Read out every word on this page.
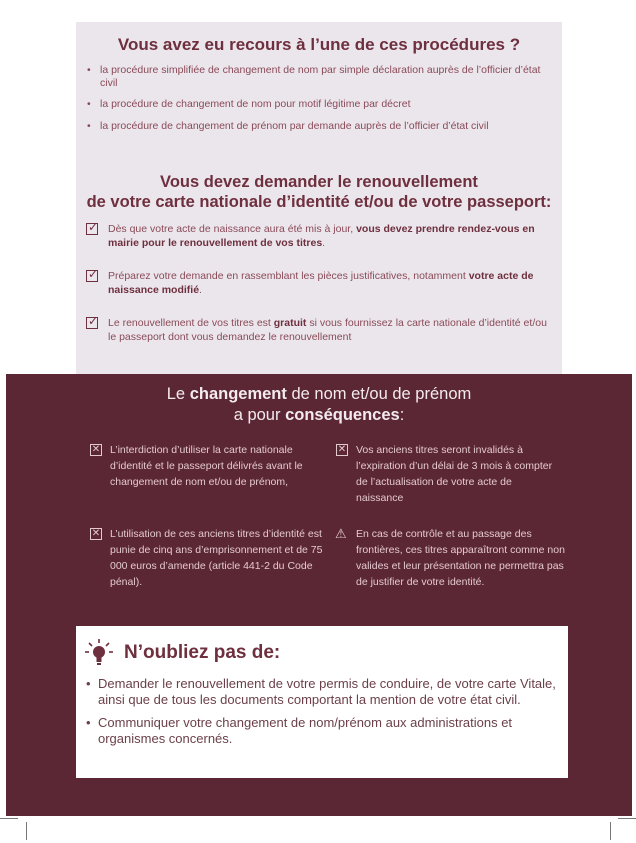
Vous avez eu recours à l’une de ces procédures ?
• la procédure simplifiée de changement de nom par simple déclaration auprès de l’officier d’état civil
• la procédure de changement de nom pour motif légitime par décret
• la procédure de changement de prénom par demande auprès de l’officier d’état civil
Vous devez demander le renouvellement
de votre carte nationale d’identité et/ou de votre passeport:
✓ Dès que votre acte de naissance aura été mis à jour, vous devez prendre rendez-vous en mairie pour le renouvellement de vos titres.
✓ Préparez votre demande en rassemblant les pièces justificatives, notamment votre acte de naissance modifié.
✓ Le renouvellement de vos titres est gratuit si vous fournissez la carte nationale d’identité et/ou le passeport dont vous demandez le renouvellement
Le changement de nom et/ou de prénom
a pour conséquences:
✕ L’interdiction d’utiliser la carte nationale d’identité et le passeport délivrés avant le changement de nom et/ou de prénom,
✕ Vos anciens titres seront invalidés à l’expiration d’un délai de 3 mois à compter de l’actualisation de votre acte de naissance
✕ L’utilisation de ces anciens titres d’identité est punie de cinq ans d’emprisonnement et de 75 000 euros d’amende (article 441-2 du Code pénal).
⚠ En cas de contrôle et au passage des frontières, ces titres apparaîtront comme non valides et leur présentation ne permettra pas de justifier de votre identité.
N’oubliez pas de:
• Demander le renouvellement de votre permis de conduire, de votre carte Vitale, ainsi que de tous les documents comportant la mention de votre état civil.
• Communiquer votre changement de nom/prénom aux administrations et organismes concernés.
